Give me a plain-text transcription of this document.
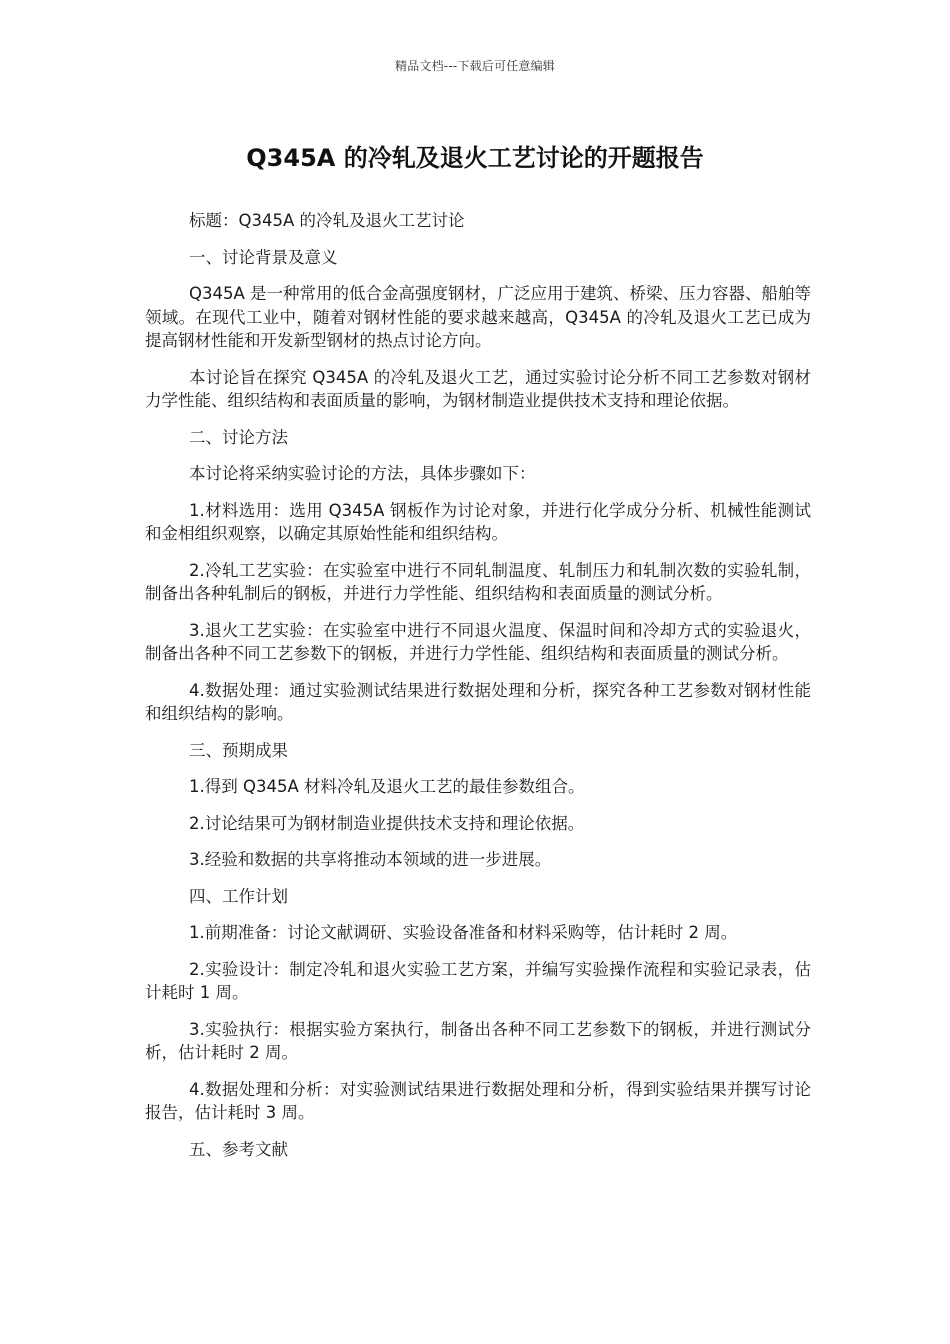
精品文档---下载后可任意编辑
Q345A 的冷轧及退火工艺讨论的开题报告

标题：Q345A 的冷轧及退火工艺讨论

一、讨论背景及意义

Q345A 是一种常用的低合金高强度钢材，广泛应用于建筑、桥梁、压力容器、船舶等领域。在现代工业中，随着对钢材性能的要求越来越高，Q345A 的冷轧及退火工艺已成为提高钢材性能和开发新型钢材的热点讨论方向。

本讨论旨在探究 Q345A 的冷轧及退火工艺，通过实验讨论分析不同工艺参数对钢材力学性能、组织结构和表面质量的影响，为钢材制造业提供技术支持和理论依据。

二、讨论方法

本讨论将采纳实验讨论的方法，具体步骤如下：

1.材料选用：选用 Q345A 钢板作为讨论对象，并进行化学成分分析、机械性能测试和金相组织观察，以确定其原始性能和组织结构。

2.冷轧工艺实验：在实验室中进行不同轧制温度、轧制压力和轧制次数的实验轧制，制备出各种轧制后的钢板，并进行力学性能、组织结构和表面质量的测试分析。

3.退火工艺实验：在实验室中进行不同退火温度、保温时间和冷却方式的实验退火，制备出各种不同工艺参数下的钢板，并进行力学性能、组织结构和表面质量的测试分析。

4.数据处理：通过实验测试结果进行数据处理和分析，探究各种工艺参数对钢材性能和组织结构的影响。

三、预期成果

1.得到 Q345A 材料冷轧及退火工艺的最佳参数组合。

2.讨论结果可为钢材制造业提供技术支持和理论依据。

3.经验和数据的共享将推动本领域的进一步进展。

四、工作计划

1.前期准备：讨论文献调研、实验设备准备和材料采购等，估计耗时 2 周。

2.实验设计：制定冷轧和退火实验工艺方案，并编写实验操作流程和实验记录表，估计耗时 1 周。

3.实验执行：根据实验方案执行，制备出各种不同工艺参数下的钢板，并进行测试分析，估计耗时 2 周。

4.数据处理和分析：对实验测试结果进行数据处理和分析，得到实验结果并撰写讨论报告，估计耗时 3 周。

五、参考文献
